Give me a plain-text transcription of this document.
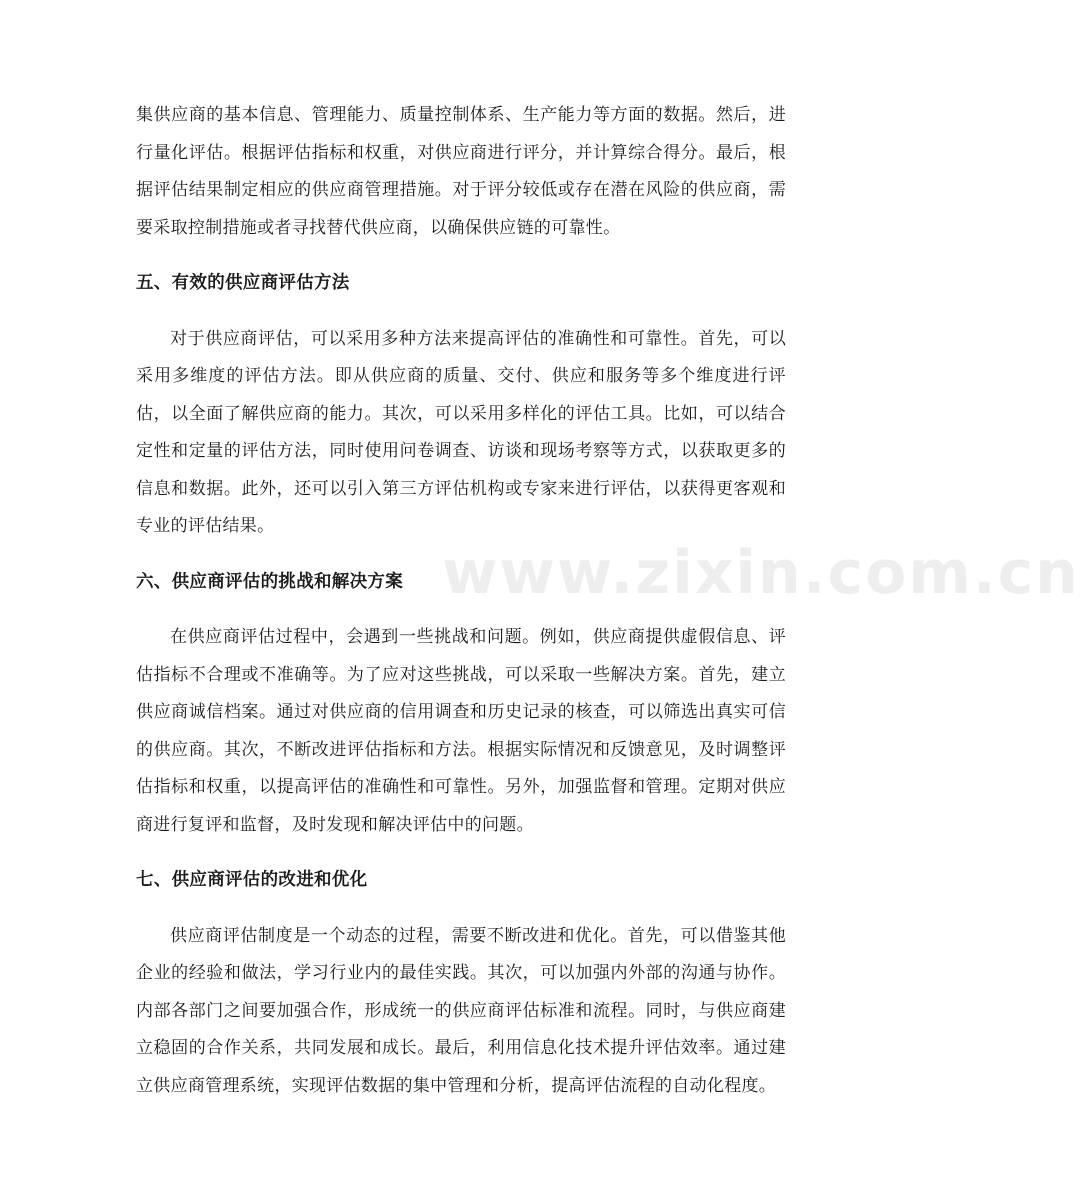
集供应商的基本信息、管理能力、质量控制体系、生产能力等方面的数据。然后，进行量化评估。根据评估指标和权重，对供应商进行评分，并计算综合得分。最后，根据评估结果制定相应的供应商管理措施。对于评分较低或存在潜在风险的供应商，需要采取控制措施或者寻找替代供应商，以确保供应链的可靠性。

五、有效的供应商评估方法

对于供应商评估，可以采用多种方法来提高评估的准确性和可靠性。首先，可以采用多维度的评估方法。即从供应商的质量、交付、供应和服务等多个维度进行评估，以全面了解供应商的能力。其次，可以采用多样化的评估工具。比如，可以结合定性和定量的评估方法，同时使用问卷调查、访谈和现场考察等方式，以获取更多的信息和数据。此外，还可以引入第三方评估机构或专家来进行评估，以获得更客观和专业的评估结果。

六、供应商评估的挑战和解决方案

在供应商评估过程中，会遇到一些挑战和问题。例如，供应商提供虚假信息、评估指标不合理或不准确等。为了应对这些挑战，可以采取一些解决方案。首先，建立供应商诚信档案。通过对供应商的信用调查和历史记录的核查，可以筛选出真实可信的供应商。其次，不断改进评估指标和方法。根据实际情况和反馈意见，及时调整评估指标和权重，以提高评估的准确性和可靠性。另外，加强监督和管理。定期对供应商进行复评和监督，及时发现和解决评估中的问题。

七、供应商评估的改进和优化

供应商评估制度是一个动态的过程，需要不断改进和优化。首先，可以借鉴其他企业的经验和做法，学习行业内的最佳实践。其次，可以加强内外部的沟通与协作。内部各部门之间要加强合作，形成统一的供应商评估标准和流程。同时，与供应商建立稳固的合作关系，共同发展和成长。最后，利用信息化技术提升评估效率。通过建立供应商管理系统，实现评估数据的集中管理和分析，提高评估流程的自动化程度。

www.zixin.com.cn
